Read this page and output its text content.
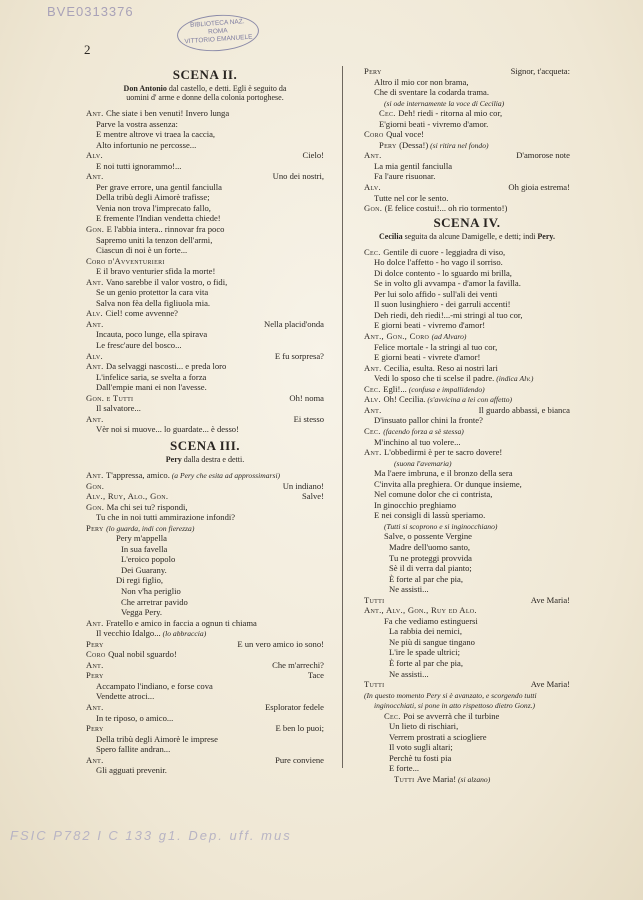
BVE0313376
BIBLIOTECA NAZ.
ROMA
VITTORIO EMANUELE
2
SCENA II.
Don Antonio dal castello, e detti. Egli è seguito da
uomini d' arme e donne della colonia portoghese.
Ant. Che siate i ben venuti! Invero lunga
Parve la vostra assenza:
E mentre altrove vi traea la caccia,
Alto infortunio ne percosse...
Alv.	Cielo!
E noi tutti ignorammo!...
Ant.	Uno dei nostri,
Per grave errore, una gentil fanciulla
Della tribù degli Aimorè trafisse;
Venia non trova l'imprecato fallo,
E fremente l'Indian vendetta chiede!
Gon. E l'abbia intera.. rinnovar fra poco
Sapremo uniti la tenzon dell'armi,
Ciascun di noi è un forte...
Coro d'Avventurieri
E il bravo venturier sfida la morte!
Ant. Vano sarebbe il valor vostro, o fidi,
Se un genio protettor la cara vita
Salva non fèa della figliuola mia.
Alv. Ciel! come avvenne?
Ant.	Nella placid'onda
Incauta, poco lunge, ella spirava
Le fresc'aure del bosco...
Alv.	E fu sorpresa?
Ant. Da selvaggi nascosti... e preda loro
L'infelice saria, se svelta a forza
Dall'empie mani ei non l'avesse.
Gon. e Tutti	Oh! noma
Il salvatore...
Ant.	Ei stesso
Vèr noi si muove... lo guardate... è desso!
SCENA III.
Pery dalla destra e detti.
Ant. T'appressa, amico. (a Pery che esita ad approssimarsi)
Gon.	Un indiano!
Alv., Ruy, Alo., Gon.	Salve!
Gon. Ma chi sei tu? rispondi,
Tu che in noi tutti ammirazione infondi?
Pery (lo guarda, indi con fierezza)
Pery m'appella
In sua favella
L'eroico popolo
Dei Guarany.
Di regi figlio,
Non v'ha periglio
Che arretrar pavido
Vegga Pery.
Ant. Fratello e amico in faccia a ognun ti chiama
Il vecchio Idalgo... (lo abbraccia)
Pery	E un vero amico io sono!
Coro Qual nobil sguardo!
Ant.	Che m'arrechi?
Pery	Tace
Accampato l'indiano, e forse cova
Vendette atroci...
Ant.	Esplorator fedele
In te riposo, o amico...
Pery	E ben lo puoi;
Della tribù degli Aimorè le imprese
Spero fallite andran...
Ant.	Pure conviene
Gli agguati prevenir.
Pery	Signor, t'acqueta:
Altro il mio cor non brama,
Che di sventare la codarda trama.
(si ode internamente la voce di Cecilia)
Cec. Deh! riedi - ritorna al mio cor,
E'giorni beati - vivremo d'amor.
Coro Qual voce!
Pery (Dessa!) (si ritira nel fondo)
Ant.	D'amorose note
La mia gentil fanciulla
Fa l'aure risuonar.
Alv.	Oh gioia estrema!
Tutte nel cor le sento.
Gon. (E felice costui!... oh rio tormento!)
SCENA IV.
Cecilia seguita da alcune Damigelle, e detti; indi Pery.
Cec. Gentile di cuore - leggiadra di viso,
Ho dolce l'affetto - ho vago il sorriso.
Di dolce contento - lo sguardo mi brilla,
Se in volto gli avvampa - d'amor la favilla.
Per lui solo affido - sull'ali dei venti
Il suon lusinghiero - dei garruli accenti!
Deh riedi, deh riedi!...-mi stringi al tuo cor,
E giorni beati - vivremo d'amor!
Ant., Gon., Coro (ad Alvaro)
Felice mortale - la stringi al tuo cor,
E giorni beati - vivrete d'amor!
Ant. Cecilia, esulta. Reso ai nostri lari
Vedi lo sposo che ti scelse il padre. (indica Alv.)
Cec. Egli!... (confusa e impallidendo)
Alv. Oh! Cecilia. (s'avvicina a lei con affetto)
Ant.	Il guardo abbassi, e bianca
D'insuato pallor chini la fronte?
Cec. (facendo forza a sè stessa)
M'inchino al tuo volere...
Ant. L'obbedirmi è per te sacro dovere!
(suona l'avemaria)
Ma l'aere imbruna, e il bronzo della sera
C'invita alla preghiera. Or dunque insieme,
Nel comune dolor che ci contrista,
In ginocchio preghiamo
E nei consigli di lassù speriamo.
(Tutti si scoprono e si inginocchiano)
Salve, o possente Vergine
Madre dell'uomo santo,
Tu ne proteggi provvida
Sè il di verra dal pianto;
È forte al par che pia,
Ne assisti...
Tutti	Ave Maria!
Ant., Alv., Gon., Ruy ed Alo.
Fa che vediamo estinguersi
La rabbia dei nemici,
Ne più di sangue tingano
L'ire le spade ultrici;
È forte al par che pia,
Ne assisti...
Tutti	Ave Maria!
(In questo momento Pery si è avanzato, e scorgendo tutti
inginocchiati, si pone in atto rispettoso dietro Gonz.)
Cec. Poi se avverrà che il turbine
Un lieto di rischiari,
Verrem prostrati a sciogliere
Il voto sugli altari;
Perchè tu fosti pia
E forte...
Tutti Ave Maria! (si alzano)
FSIC P782 I C 133 g1. Dep. uff. mus
